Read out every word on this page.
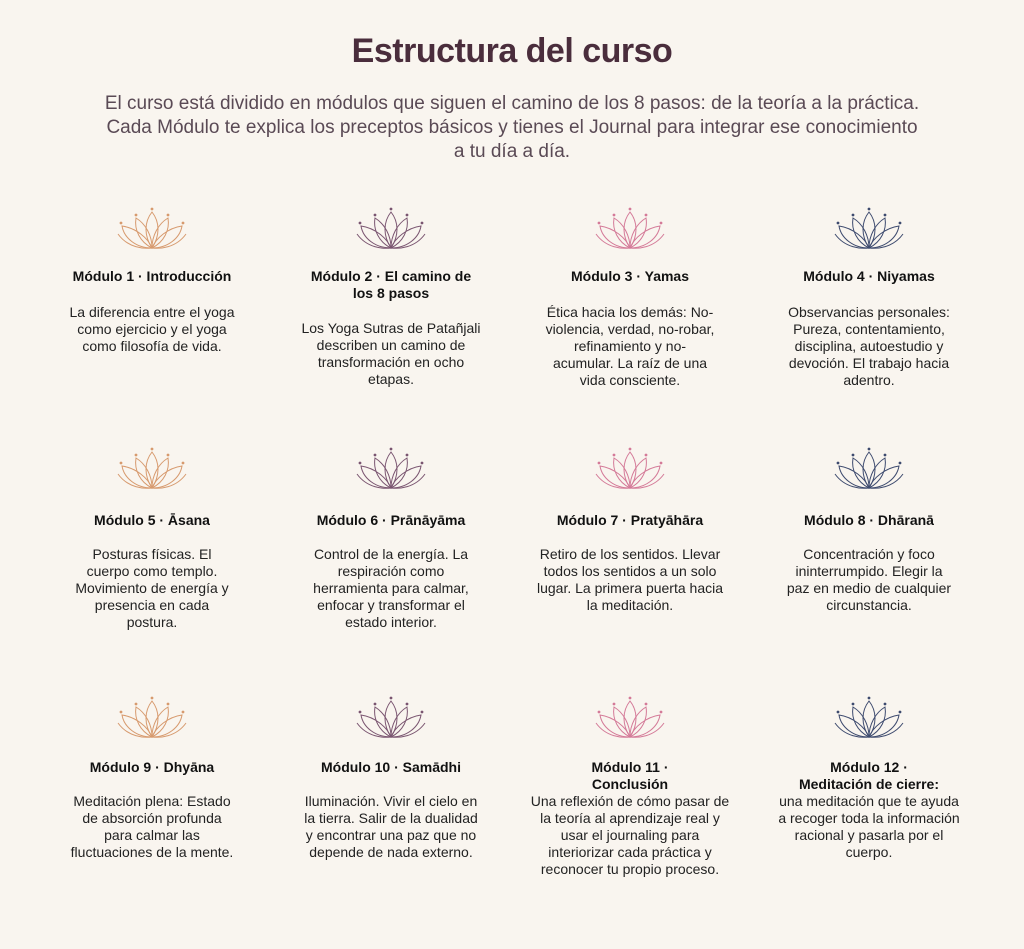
Estructura del curso

El curso está dividido en módulos que siguen el camino de los 8 pasos: de la teoría a la práctica. Cada Módulo te explica los preceptos básicos y tienes el Journal para integrar ese conocimiento a tu día a día.

Módulo 1 · Introducción

La diferencia entre el yoga como ejercicio y el yoga como filosofía de vida.

Módulo 2 · El camino de
los 8 pasos

Los Yoga Sutras de Patañjali describen un camino de transformación en ocho etapas.

Módulo 3 · Yamas

Ética hacia los demás: No-violencia, verdad, no-robar, refinamiento y no-acumular. La raíz de una vida consciente.

Módulo 4 · Niyamas

Observancias personales: Pureza, contentamiento, disciplina, autoestudio y devoción. El trabajo hacia adentro.

Módulo 5 · Āsana

Posturas físicas. El cuerpo como templo. Movimiento de energía y presencia en cada postura.

Módulo 6 · Prānāyāma

Control de la energía. La respiración como herramienta para calmar, enfocar y transformar el estado interior.

Módulo 7 · Pratyāhāra

Retiro de los sentidos. Llevar todos los sentidos a un solo lugar. La primera puerta hacia la meditación.

Módulo 8 · Dhāranā

Concentración y foco ininterrumpido. Elegir la paz en medio de cualquier circunstancia.

Módulo 9 · Dhyāna

Meditación plena: Estado de absorción profunda para calmar las fluctuaciones de la mente.

Módulo 10 · Samādhi

Iluminación. Vivir el cielo en la tierra. Salir de la dualidad y encontrar una paz que no depende de nada externo.

Módulo 11 ·
Conclusión

Una reflexión de cómo pasar de la teoría al aprendizaje real y usar el journaling para interiorizar cada práctica y reconocer tu propio proceso.

Módulo 12 ·
Meditación de cierre:

una meditación que te ayuda a recoger toda la información racional y pasarla por el cuerpo.
